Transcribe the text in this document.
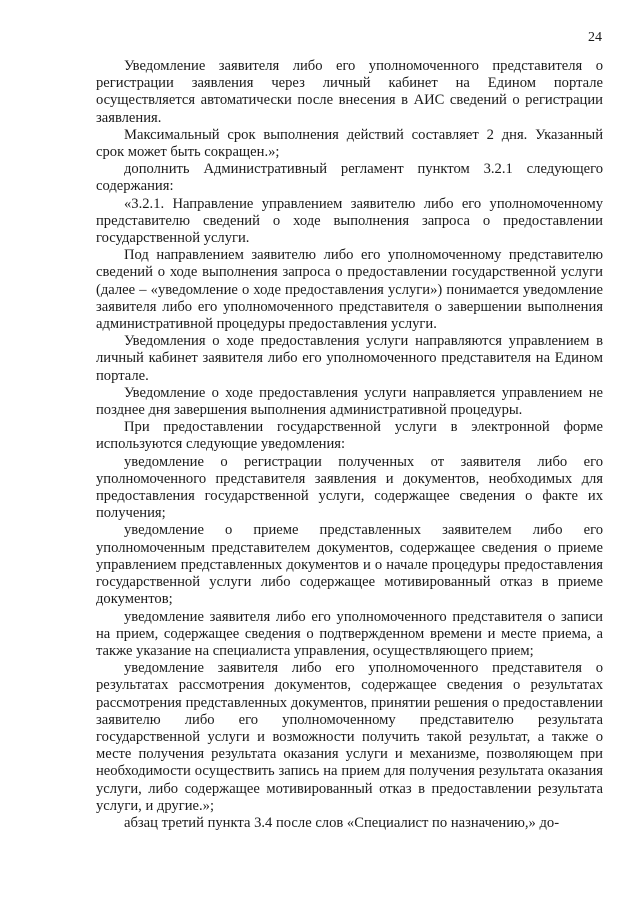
24

Уведомление заявителя либо его уполномоченного представителя о регистрации заявления через личный кабинет на Едином портале осуществляется автоматически после внесения в АИС сведений о регистрации заявления.

Максимальный срок выполнения действий составляет 2 дня. Указанный срок может быть сокращен.»;

дополнить Административный регламент пунктом 3.2.1 следующего содержания:

«3.2.1. Направление управлением заявителю либо его уполномоченному представителю сведений о ходе выполнения запроса о предоставлении государственной услуги.

Под направлением заявителю либо его уполномоченному представителю сведений о ходе выполнения запроса о предоставлении государственной услуги (далее – «уведомление о ходе предоставления услуги») понимается уведомление заявителя либо его уполномоченного представителя о завершении выполнения административной процедуры предоставления услуги.

Уведомления о ходе предоставления услуги направляются управлением в личный кабинет заявителя либо его уполномоченного представителя на Едином портале.

Уведомление о ходе предоставления услуги направляется управлением не позднее дня завершения выполнения административной процедуры.

При предоставлении государственной услуги в электронной форме используются следующие уведомления:

уведомление о регистрации полученных от заявителя либо его уполномоченного представителя заявления и документов, необходимых для предоставления государственной услуги, содержащее сведения о факте их получения;

уведомление о приеме представленных заявителем либо его уполномоченным представителем документов, содержащее сведения о приеме управлением представленных документов и о начале процедуры предоставления государственной услуги либо содержащее мотивированный отказ в приеме документов;

уведомление заявителя либо его уполномоченного представителя о записи на прием, содержащее сведения о подтвержденном времени и месте приема, а также указание на специалиста управления, осуществляющего прием;

уведомление заявителя либо его уполномоченного представителя о результатах рассмотрения документов, содержащее сведения о результатах рассмотрения представленных документов, принятии решения о предоставлении заявителю либо его уполномоченному представителю результата государственной услуги и возможности получить такой результат, а также о месте получения результата оказания услуги и механизме, позволяющем при необходимости осуществить запись на прием для получения результата оказания услуги, либо содержащее мотивированный отказ в предоставлении результата услуги, и другие.»;

абзац третий пункта 3.4 после слов «Специалист по назначению,» до-
